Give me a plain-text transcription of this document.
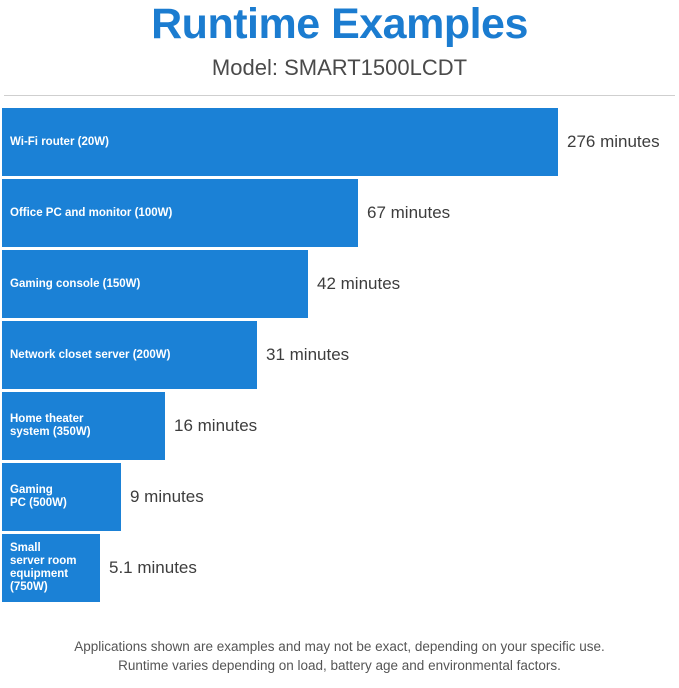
Runtime Examples
Model: SMART1500LCDT
Wi-Fi router (20W)	276 minutes
Office PC and monitor (100W)	67 minutes
Gaming console (150W)	42 minutes
Network closet server (200W)	31 minutes
Home theater
system (350W)	16 minutes
Gaming
PC (500W)	9 minutes
Small
server room
equipment
(750W)
5.1 minutes
Applications shown are examples and may not be exact, depending on your specific use.
Runtime varies depending on load, battery age and environmental factors.
